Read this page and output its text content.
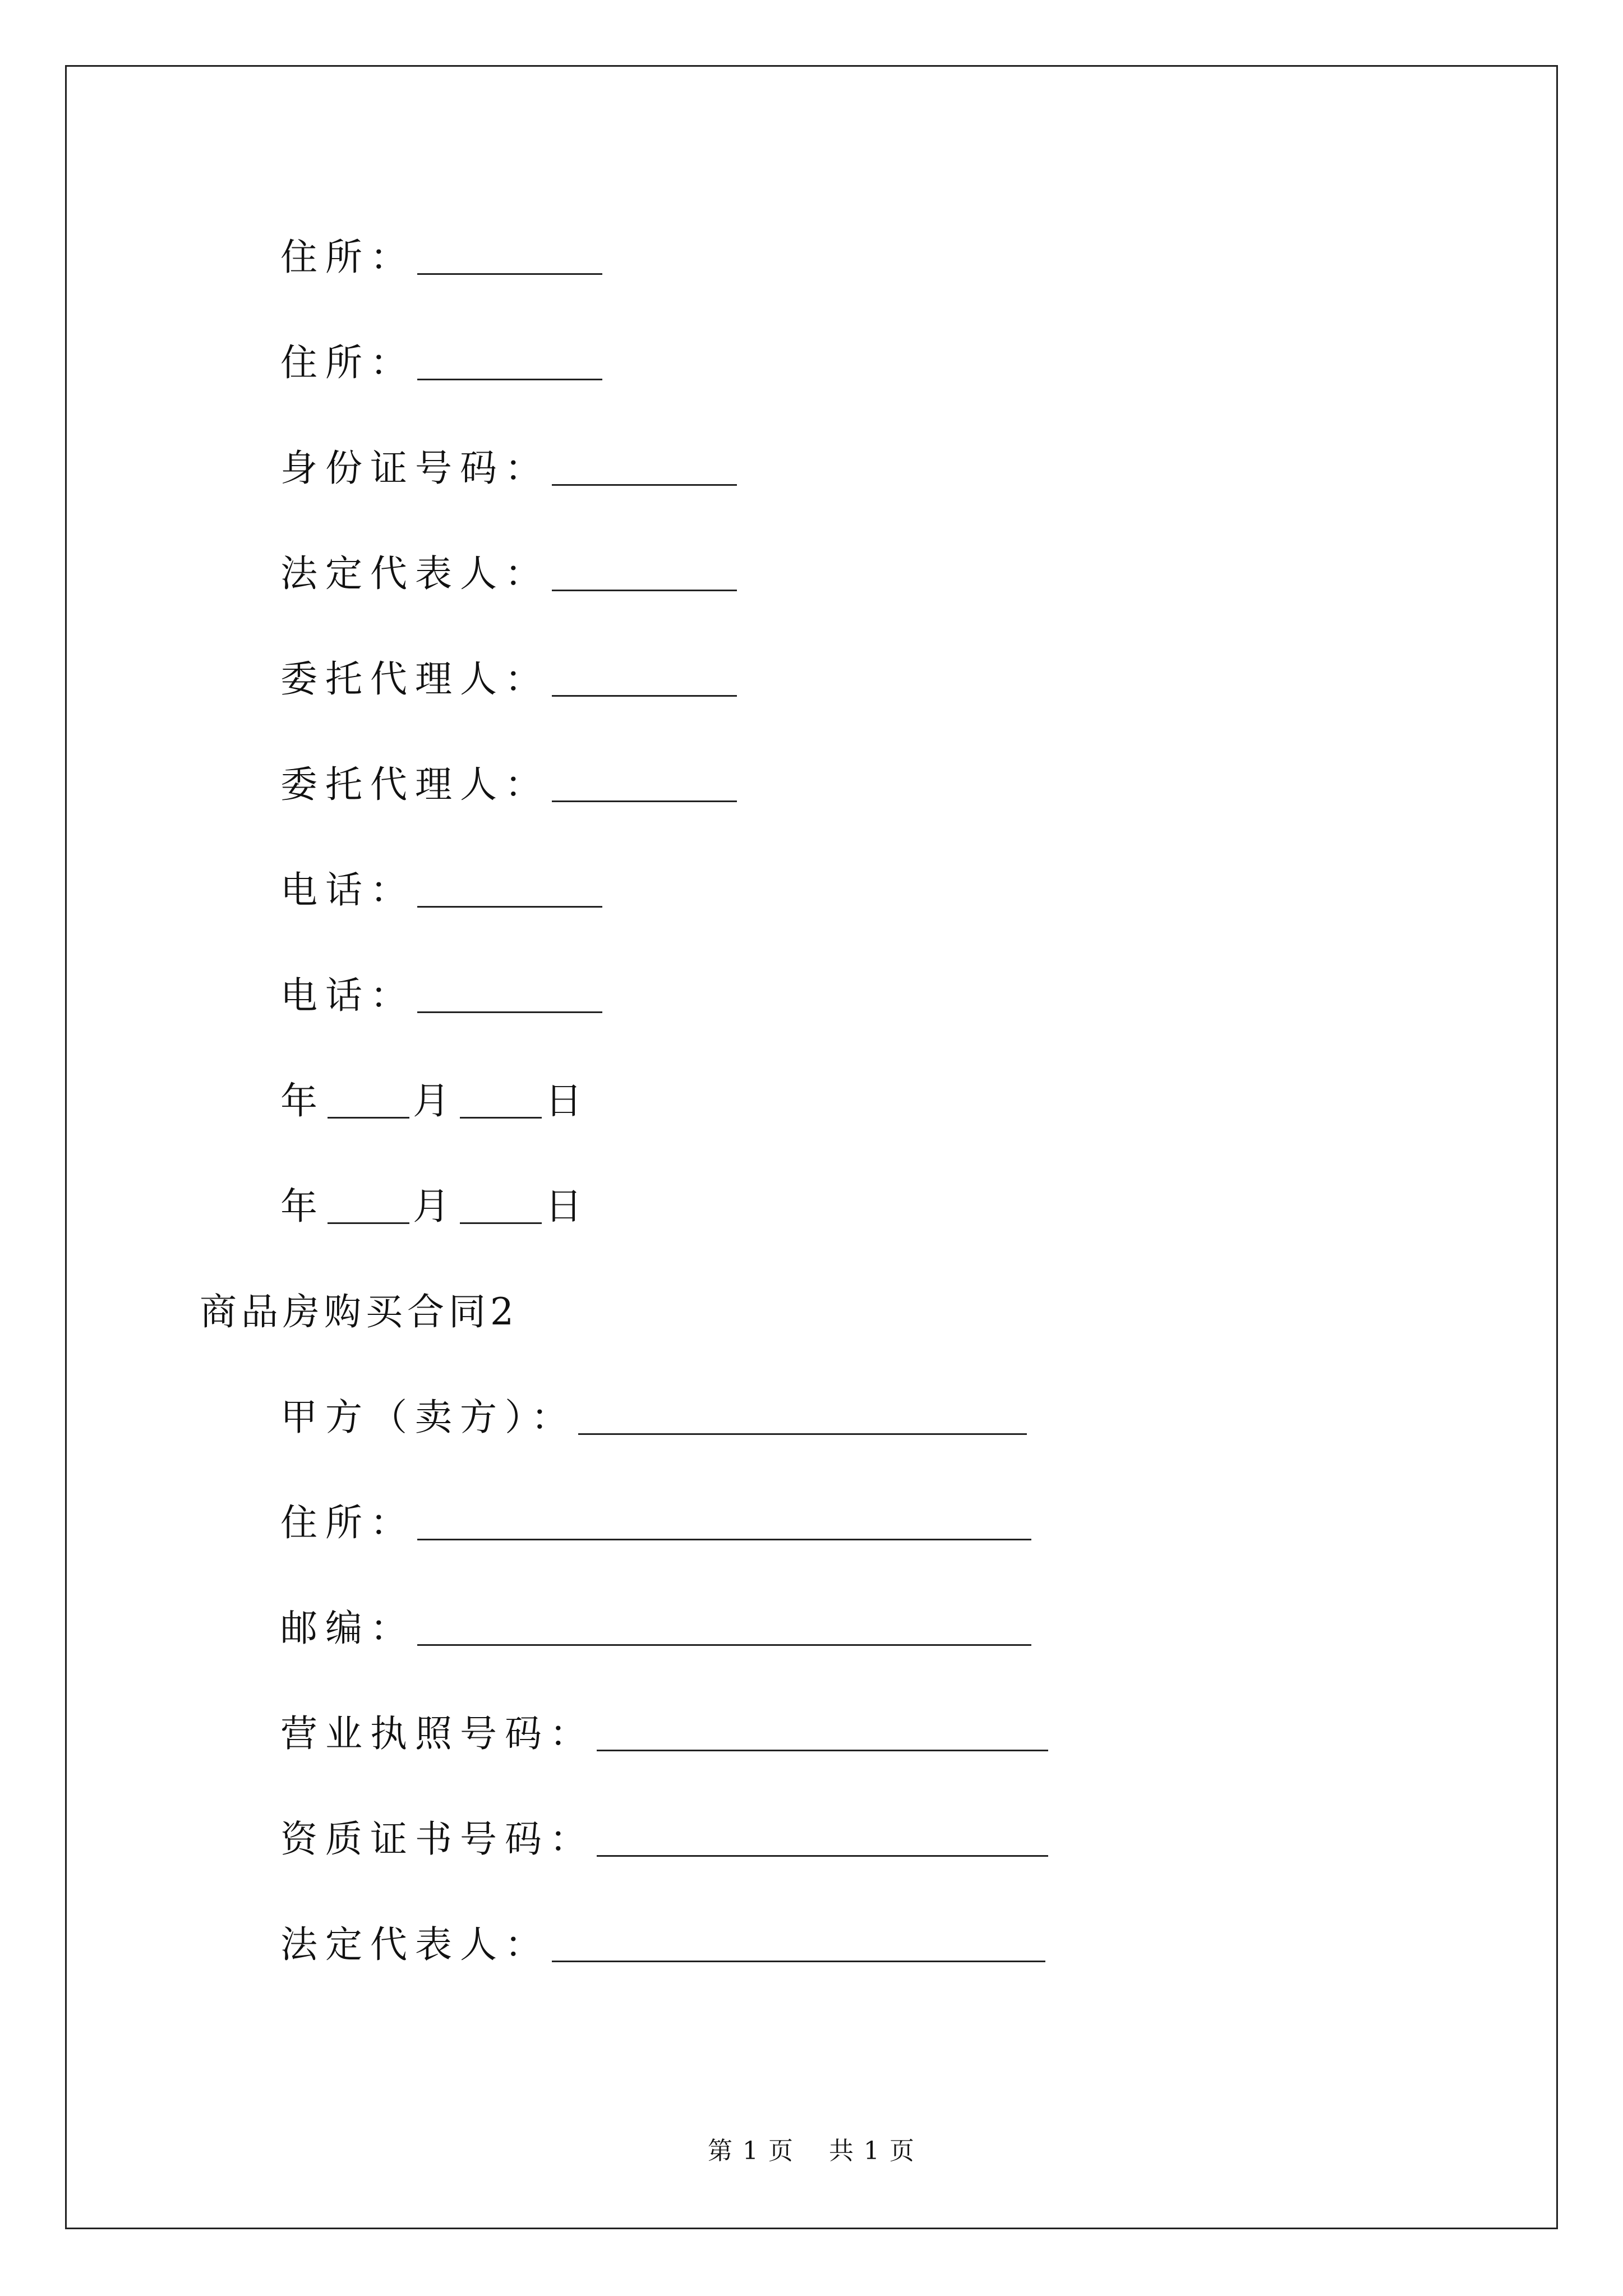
住所：
住所：
身份证号码：
法定代表人：
委托代理人：
委托代理人：
电话：
电话：
年 月 日
年 月 日
商品房购买合同2
甲方（卖方）：
住所：
邮编：
营业执照号码：
资质证书号码：
法定代表人：
第 1 页　 共 1 页
